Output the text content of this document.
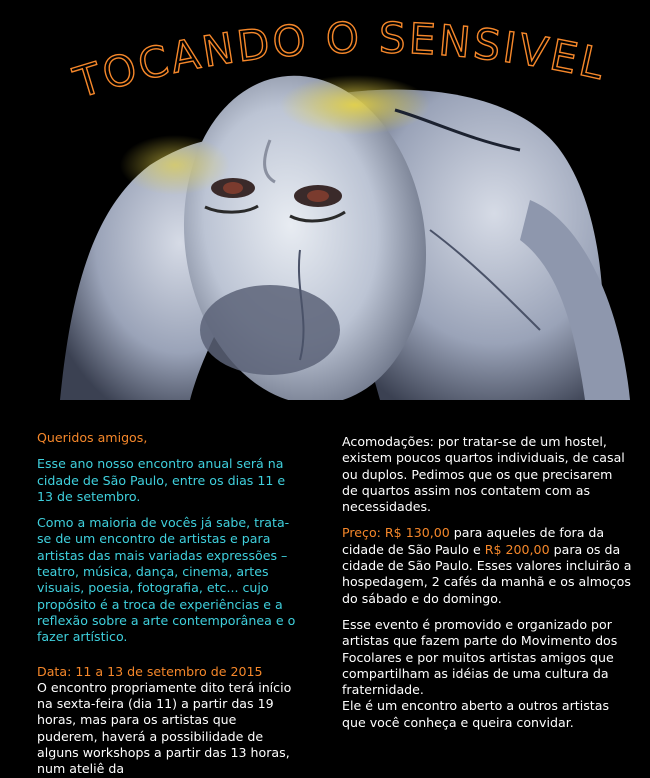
TOCANDO O SENSIVEL

Queridos amigos,

Esse ano nosso encontro anual será na cidade de São Paulo, entre os dias 11 e 13 de setembro.

Como a maioria de vocês já sabe, trata-se de um encontro de artistas e para artistas das mais variadas expressões – teatro, música, dança, cinema, artes visuais, poesia, fotografia, etc... cujo propósito é a troca de experiências e a reflexão sobre a arte contemporânea e o fazer artístico.

Data: 11 a 13 de setembro de 2015

O encontro propriamente dito terá início na sexta-feira (dia 11) a partir das 19 horas, mas para os artistas que puderem, haverá a possibilidade de alguns workshops a partir das 13 horas, num ateliê da

Acomodações: por tratar-se de um hostel, existem poucos quartos individuais, de casal ou duplos. Pedimos que os que precisarem de quartos assim nos contatem com as necessidades.

Preço: R$ 130,00 para aqueles de fora da cidade de São Paulo e R$ 200,00 para os da cidade de São Paulo. Esses valores incluirão a hospedagem, 2 cafés da manhã e os almoços do sábado e do domingo.

Esse evento é promovido e organizado por artistas que fazem parte do Movimento dos Focolares e por muitos artistas amigos que compartilham as idéias de uma cultura da fraternidade.

Ele é um encontro aberto a outros artistas que você conheça e queira convidar.
